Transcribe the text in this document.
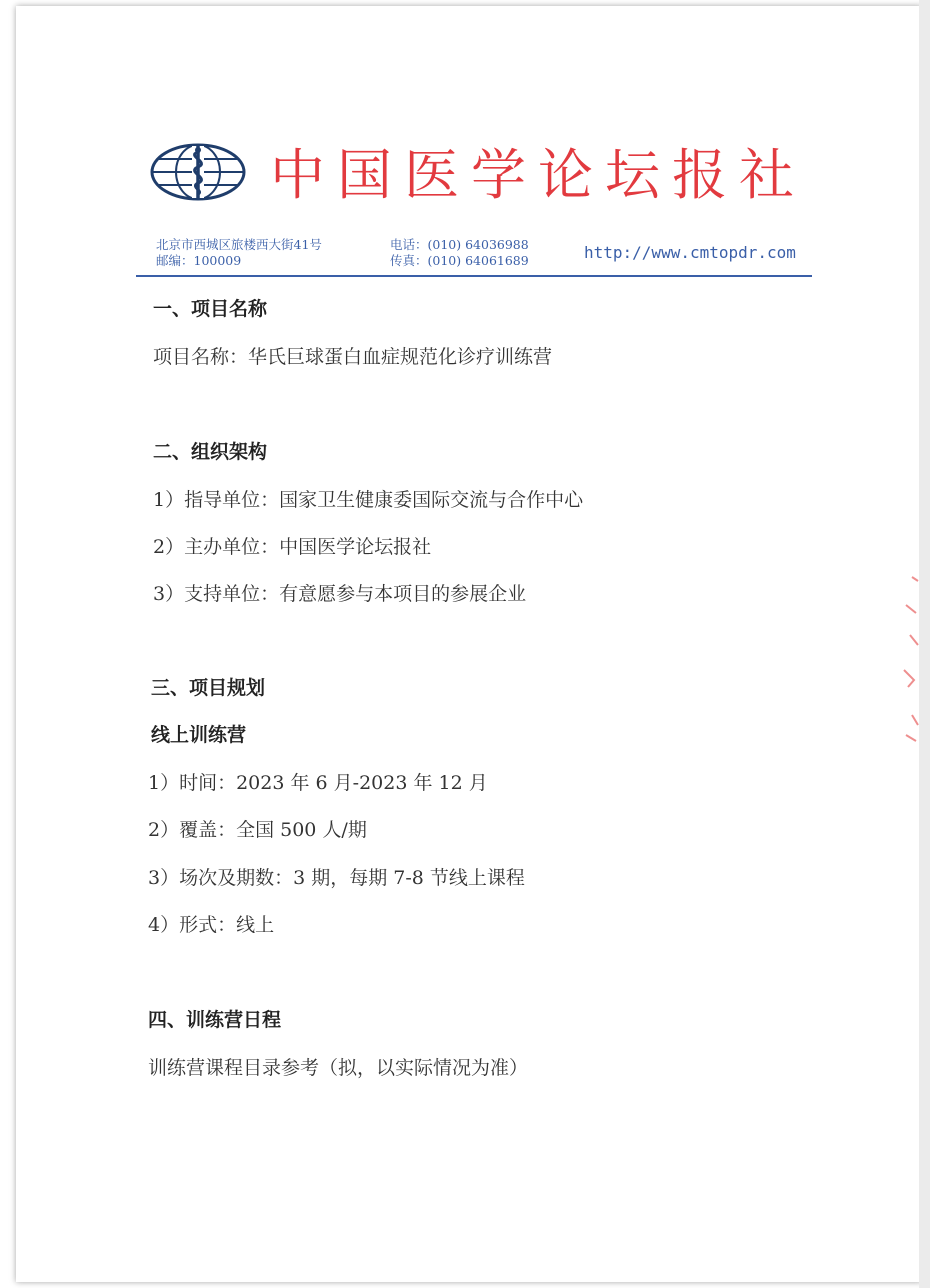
中国医学论坛报社
北京市西城区旅楼西大街41号
邮编：100009
电话：(010) 64036988
传真：(010) 64061689	http://www.cmtopdr.com
一、项目名称
项目名称：华氏巨球蛋白血症规范化诊疗训练营
二、组织架构
1）指导单位：国家卫生健康委国际交流与合作中心
2）主办单位：中国医学论坛报社
3）支持单位：有意愿参与本项目的参展企业
三、项目规划
线上训练营
1）时间：2023 年 6 月-2023 年 12 月
2）覆盖：全国 500 人/期
3）场次及期数：3 期，每期 7-8 节线上课程
4）形式：线上
四、训练营日程
训练营课程目录参考（拟，以实际情况为准）
